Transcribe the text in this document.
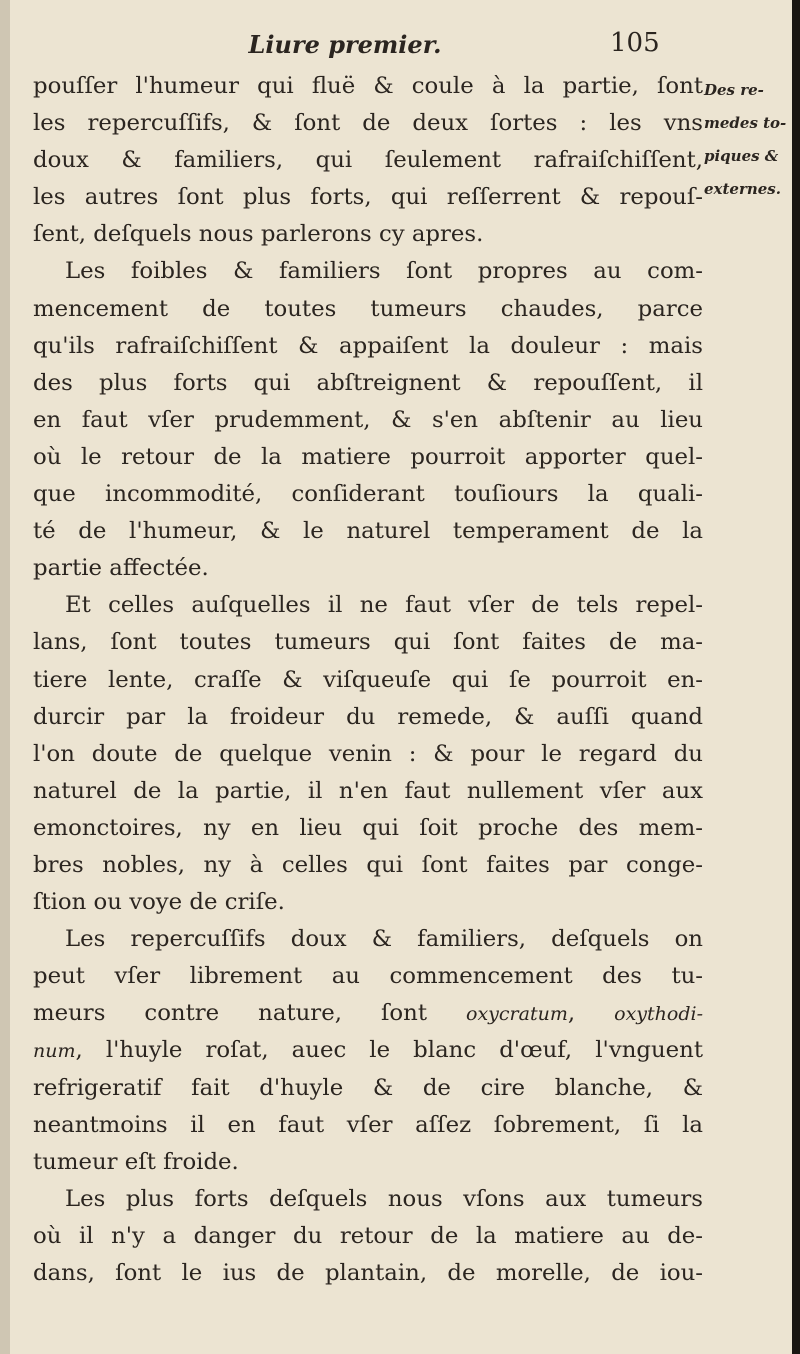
Liure premier.	105
Des re-
medes to-
piques &
externes.
pouſſer l'humeur qui fluë & coule à la partie, ſont
les repercuſſifs, & ſont de deux ſortes : les vns
doux & familiers, qui ſeulement rafraiſchiſſent,
les autres ſont plus forts, qui reſſerrent & repouſ-
ſent, deſquels nous parlerons cy apres.
Les foibles & familiers ſont propres au com-
mencement de toutes tumeurs chaudes, parce
qu'ils rafraiſchiſſent & appaiſent la douleur : mais
des plus forts qui abſtreignent & repouſſent, il
en faut vſer prudemment, & s'en abſtenir au lieu
où le retour de la matiere pourroit apporter quel-
que incommodité, conſiderant touſiours la quali-
té de l'humeur, & le naturel temperament de la
partie affectée.
Et celles auſquelles il ne faut vſer de tels repel-
lans, ſont toutes tumeurs qui ſont faites de ma-
tiere lente, craſſe & viſqueuſe qui ſe pourroit en-
durcir par la froideur du remede, & auſſi quand
l'on doute de quelque venin : & pour le regard du
naturel de la partie, il n'en faut nullement vſer aux
emonctoires, ny en lieu qui ſoit proche des mem-
bres nobles, ny à celles qui ſont faites par conge-
ſtion ou voye de criſe.
Les repercuſſifs doux & familiers, deſquels on
peut vſer librement au commencement des tu-
meurs contre nature, ſont oxycratum, oxythodi-
num, l'huyle roſat, auec le blanc d'œuf, l'vnguent
refrigeratif fait d'huyle & de cire blanche, &
neantmoins il en faut vſer aſſez ſobrement, ſi la
tumeur eſt froide.
Les plus forts deſquels nous vſons aux tumeurs
où il n'y a danger du retour de la matiere au de-
dans, ſont le ius de plantain, de morelle, de iou-
